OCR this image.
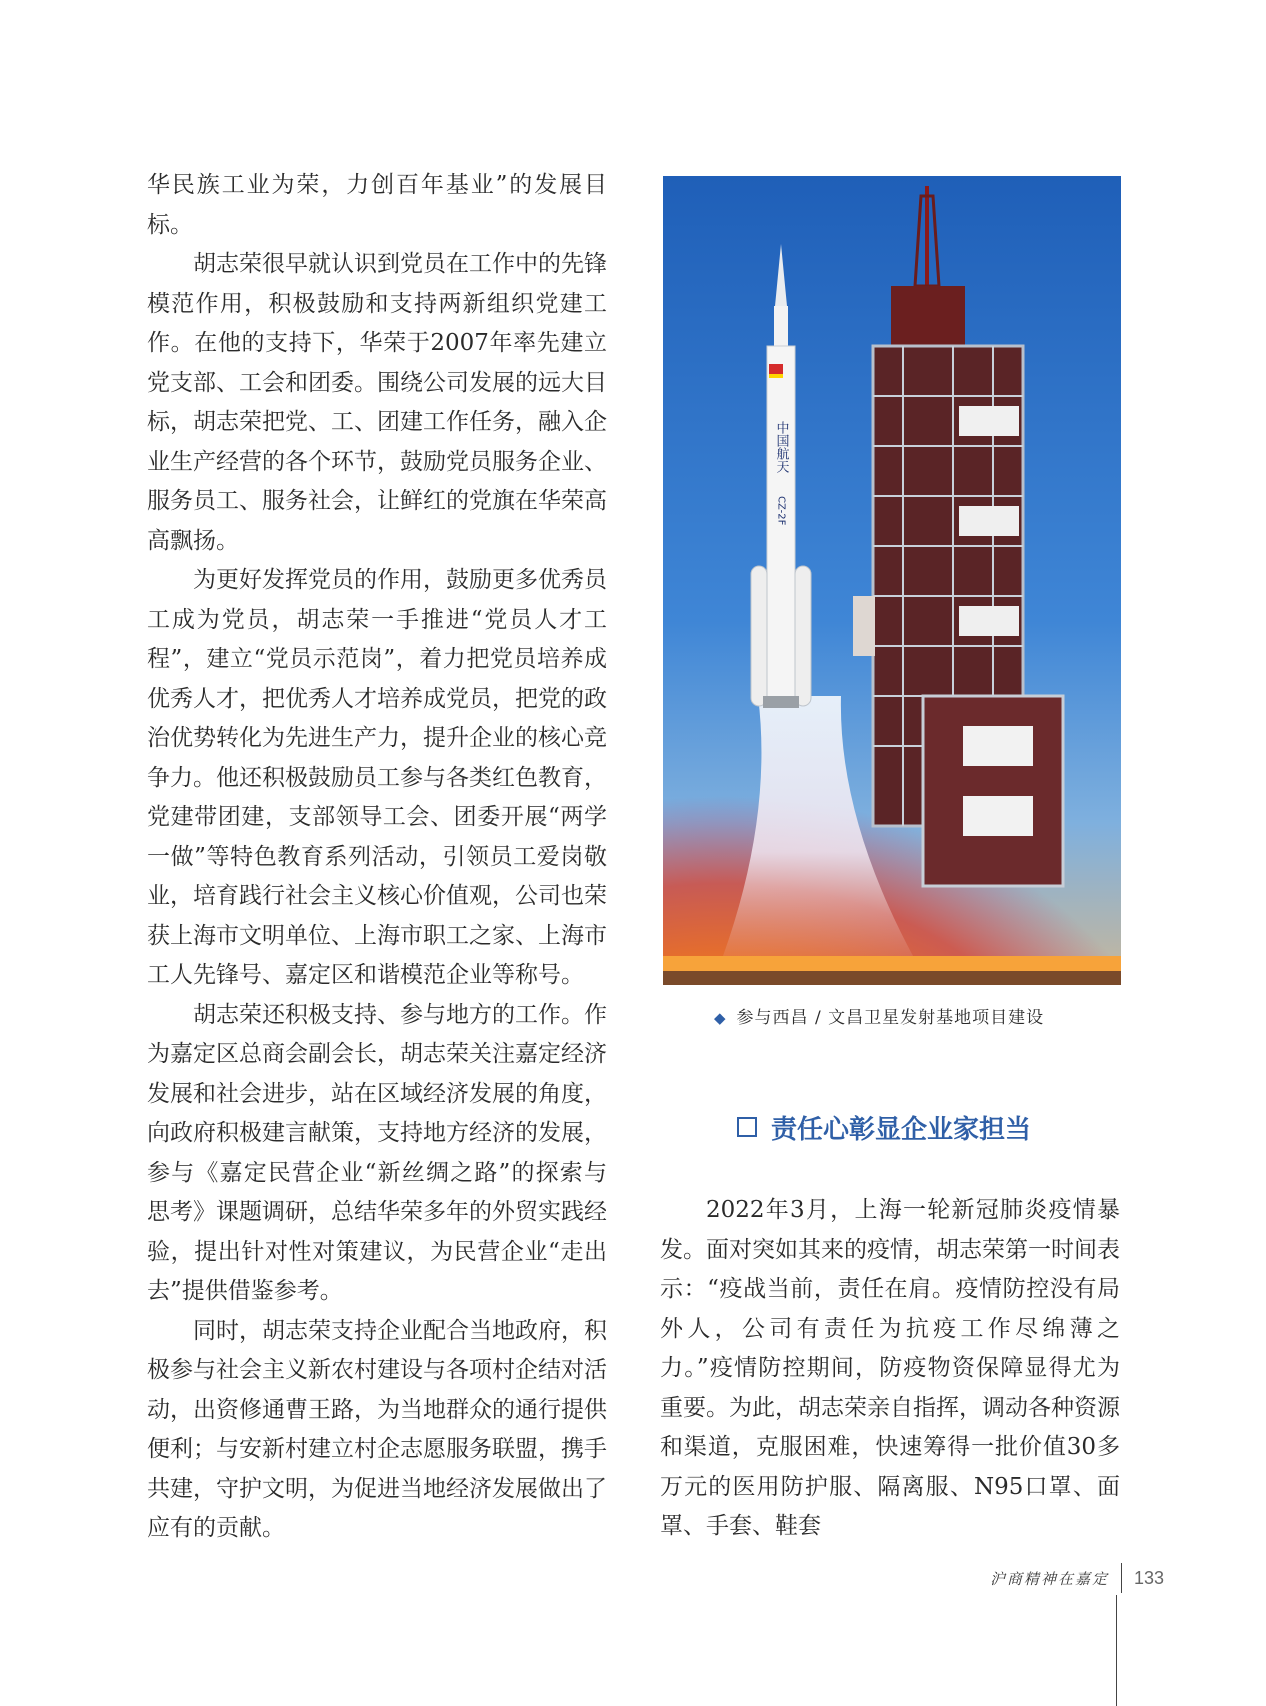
华民族工业为荣，力创百年基业”的发展目标。

胡志荣很早就认识到党员在工作中的先锋模范作用，积极鼓励和支持两新组织党建工作。在他的支持下，华荣于2007年率先建立党支部、工会和团委。围绕公司发展的远大目标，胡志荣把党、工、团建工作任务，融入企业生产经营的各个环节，鼓励党员服务企业、服务员工、服务社会，让鲜红的党旗在华荣高高飘扬。

为更好发挥党员的作用，鼓励更多优秀员工成为党员，胡志荣一手推进“党员人才工程”，建立“党员示范岗”，着力把党员培养成优秀人才，把优秀人才培养成党员，把党的政治优势转化为先进生产力，提升企业的核心竞争力。他还积极鼓励员工参与各类红色教育，党建带团建，支部领导工会、团委开展“两学一做”等特色教育系列活动，引领员工爱岗敬业，培育践行社会主义核心价值观，公司也荣获上海市文明单位、上海市职工之家、上海市工人先锋号、嘉定区和谐模范企业等称号。

胡志荣还积极支持、参与地方的工作。作为嘉定区总商会副会长，胡志荣关注嘉定经济发展和社会进步，站在区域经济发展的角度，向政府积极建言献策，支持地方经济的发展，参与《嘉定民营企业“新丝绸之路”的探索与思考》课题调研，总结华荣多年的外贸实践经验，提出针对性对策建议，为民营企业“走出去”提供借鉴参考。

同时，胡志荣支持企业配合当地政府，积极参与社会主义新农村建设与各项村企结对活动，出资修通曹王路，为当地群众的通行提供便利；与安新村建立村企志愿服务联盟，携手共建，守护文明，为促进当地经济发展做出了应有的贡献。

中国航天
CZ-2F
◆ 参与西昌 / 文昌卫星发射基地项目建设
责任心彰显企业家担当

2022年3月，上海一轮新冠肺炎疫情暴发。面对突如其来的疫情，胡志荣第一时间表示：“疫战当前，责任在肩。疫情防控没有局外人，公司有责任为抗疫工作尽绵薄之力。”疫情防控期间，防疫物资保障显得尤为重要。为此，胡志荣亲自指挥，调动各种资源和渠道，克服困难，快速筹得一批价值30多万元的医用防护服、隔离服、N95口罩、面罩、手套、鞋套

沪商精神在嘉定 133
